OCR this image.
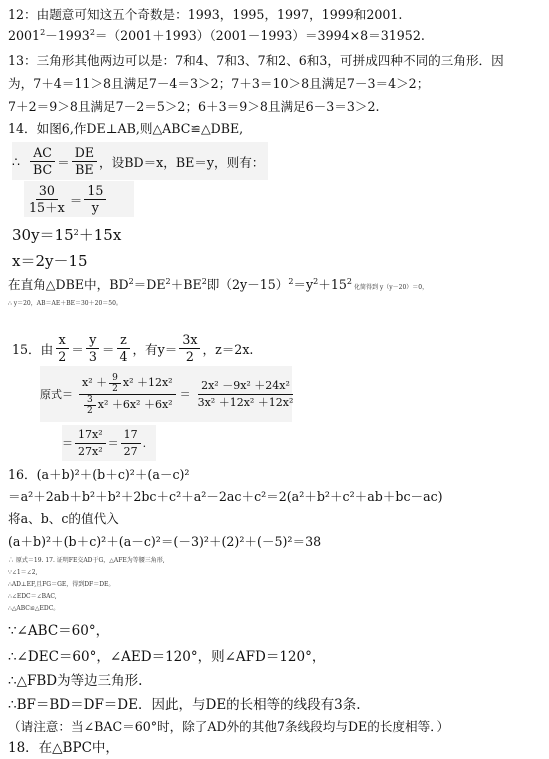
12：由题意可知这五个奇数是：1993，1995，1997，1999和2001.
$2001^2-1993^2=(2001+1993)(2001-1993)=3994\times 8=31952$.
13：三角形其他两边可以是：7和4、7和3、7和2、6和3，可拼成四种不同的三角形．因
为，7＋4＝11＞8且满足7－4＝3＞2；7＋3＝10＞8且满足7－3＝4＞2；
7＋2＝9＞8且满足7－2＝5＞2；6＋3＝9＞8且满足6－3＝3＞2.
14．如图6,作DE⊥AB,则△ABC≌△DBE,
∴ $\frac{AC}{BC} = \frac{DE}{BE}$ ，设BD＝x，BE＝y，则有：
$\frac{30}{15+x} = \frac{15}{y}$
$30y=15^2+15x$
x＝2y－15
在直角△DBE中，$BD^2=DE^2+BE^2$即$(2y-15)^2=y^2+15^2$化简得到 y（y－20）＝0，
∴ y＝20，AB＝AE＋BE＝30＋20＝50。
15．由 $\frac{x}{2} = \frac{y}{3} = \frac{z}{4}$ ，有$y= \frac{3x}{2}$ ，z＝2x.
原式＝ $\frac{x^2 + \frac{9}{2} x^2 +12x^2}{\frac{3}{2} x^2 +6x^2 +6x^2} = \frac{\text{2x² －9x² ＋24x²}}{\text{3x² ＋12x² ＋12x²}}$
＝ $\frac{\text{17x²}}{\text{27x²}} = \frac{17}{27}$ .
16．(a＋b)²＋(b＋c)²＋(a－c)²
＝a²＋2ab＋b²＋b²＋2bc＋c²＋a²－2ac＋c²＝2(a²＋b²＋c²＋ab＋bc－ac)
将a、b、c的值代入
(a＋b)²＋(b＋c)²＋(a－c)²＝(－3)²＋(2)²＋(－5)²＝38
∴ 原式＝19. 17. 证明FE交AD于G，△AFE为等腰三角形,
∵∠1＝∠2,
∴AD⊥EF,且FG＝GE，得到DF＝DE。
∴∠EDC＝∠BAC,
∴△ABC≌△EDC。
∵∠ABC＝60°，
∴∠DEC＝60°，∠AED＝120°，则∠AFD＝120°，
∴△FBD为等边三角形.
∴BF＝BD＝DF＝DE．因此，与DE的长相等的线段有3条.
（请注意：当∠BAC＝60°时，除了AD外的其他7条线段均与DE的长度相等．）
18．在△BPC中，
